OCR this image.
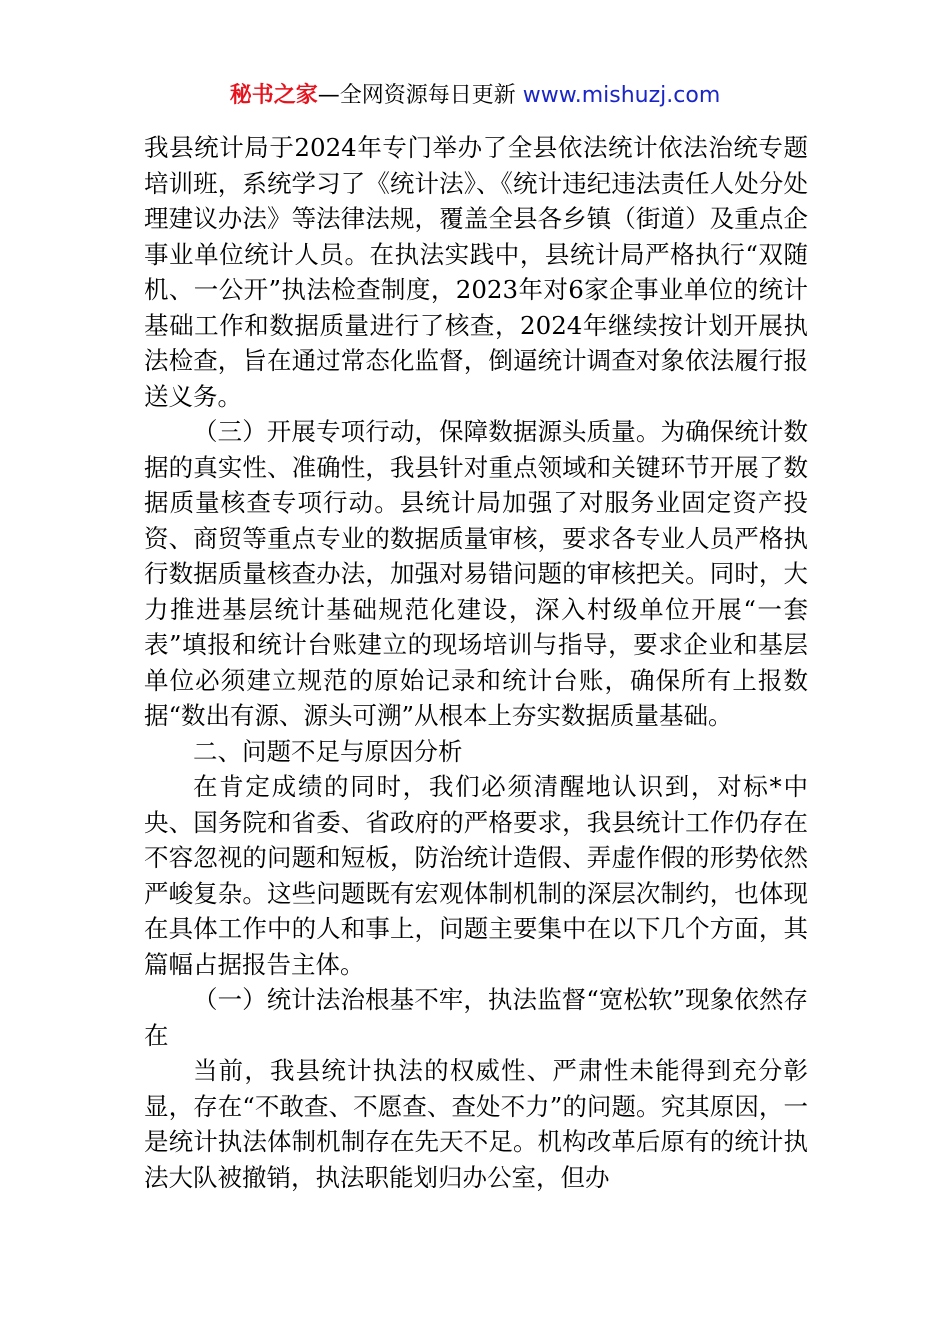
秘书之家—全网资源每日更新 www.mishuzj.com

我县统计局于2024年专门举办了全县依法统计依法治统专题培训班，系统学习了《统计法》、《统计违纪违法责任人处分处理建议办法》等法律法规，覆盖全县各乡镇（街道）及重点企事业单位统计人员。在执法实践中，县统计局严格执行“双随机、一公开”执法检查制度，2023年对6家企事业单位的统计基础工作和数据质量进行了核查，2024年继续按计划开展执法检查，旨在通过常态化监督，倒逼统计调查对象依法履行报送义务。

（三）开展专项行动，保障数据源头质量。为确保统计数据的真实性、准确性，我县针对重点领域和关键环节开展了数据质量核查专项行动。县统计局加强了对服务业固定资产投资、商贸等重点专业的数据质量审核，要求各专业人员严格执行数据质量核查办法，加强对易错问题的审核把关。同时，大力推进基层统计基础规范化建设，深入村级单位开展“一套表”填报和统计台账建立的现场培训与指导，要求企业和基层单位必须建立规范的原始记录和统计台账，确保所有上报数据“数出有源、源头可溯”从根本上夯实数据质量基础。

二、问题不足与原因分析

在肯定成绩的同时，我们必须清醒地认识到，对标*中央、国务院和省委、省政府的严格要求，我县统计工作仍存在不容忽视的问题和短板，防治统计造假、弄虚作假的形势依然严峻复杂。这些问题既有宏观体制机制的深层次制约，也体现在具体工作中的人和事上，问题主要集中在以下几个方面，其篇幅占据报告主体。

（一）统计法治根基不牢，执法监督“宽松软”现象依然存在

当前，我县统计执法的权威性、严肃性未能得到充分彰显，存在“不敢查、不愿查、查处不力”的问题。究其原因，一是统计执法体制机制存在先天不足。机构改革后原有的统计执法大队被撤销，执法职能划归办公室，但办
